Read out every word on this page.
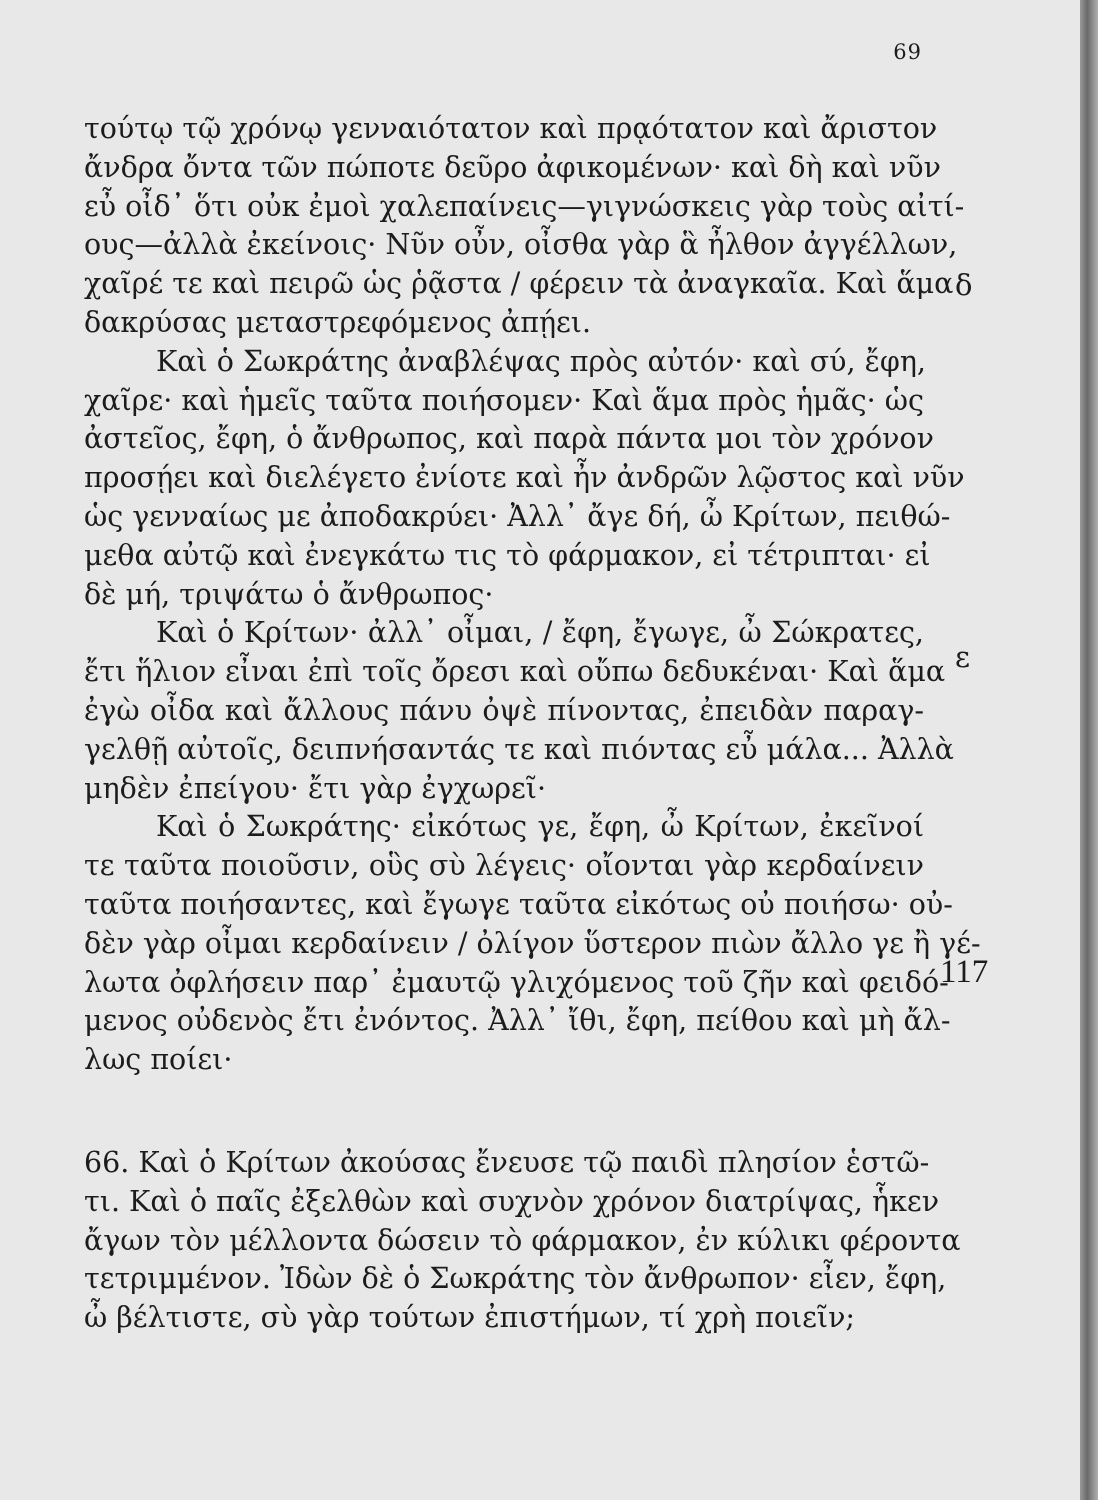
69
δ
ε
117
τούτῳ τῷ χρόνῳ γενναιότατον καὶ πρᾳότατον καὶ ἄριστον
ἄνδρα ὄντα τῶν πώποτε δεῦρο ἀφικομένων· καὶ δὴ καὶ νῦν
εὖ οἶδ᾽ ὅτι οὐκ ἐμοὶ χαλεπαίνεις—γιγνώσκεις γὰρ τοὺς αἰτί-
ους—ἀλλὰ ἐκείνοις· Νῦν οὖν, οἶσθα γὰρ ἃ ἦλθον ἀγγέλλων,
χαῖρέ τε καὶ πειρῶ ὡς ῥᾷστα / φέρειν τὰ ἀναγκαῖα. Καὶ ἅμα
δακρύσας μεταστρεφόμενος ἀπῄει.
Καὶ ὁ Σωκράτης ἀναβλέψας πρὸς αὐτόν· καὶ σύ, ἔφη,
χαῖρε· καὶ ἡμεῖς ταῦτα ποιήσομεν· Καὶ ἅμα πρὸς ἡμᾶς· ὡς
ἀστεῖος, ἔφη, ὁ ἄνθρωπος, καὶ παρὰ πάντα μοι τὸν χρόνον
προσῄει καὶ διελέγετο ἐνίοτε καὶ ἦν ἀνδρῶν λῷστος καὶ νῦν
ὡς γενναίως με ἀποδακρύει· Ἀλλ᾽ ἄγε δή, ὦ Κρίτων, πειθώ-
μεθα αὐτῷ καὶ ἐνεγκάτω τις τὸ φάρμακον, εἰ τέτριπται· εἰ
δὲ μή, τριψάτω ὁ ἄνθρωπος·
Καὶ ὁ Κρίτων· ἀλλ᾽ οἶμαι, / ἔφη, ἔγωγε, ὦ Σώκρατες,
ἔτι ἥλιον εἶναι ἐπὶ τοῖς ὄρεσι καὶ οὔπω δεδυκέναι· Καὶ ἅμα
ἐγὼ οἶδα καὶ ἄλλους πάνυ ὀψὲ πίνοντας, ἐπειδὰν παραγ-
γελθῇ αὐτοῖς, δειπνήσαντάς τε καὶ πιόντας εὖ μάλα... Ἀλλὰ
μηδὲν ἐπείγου· ἔτι γὰρ ἐγχωρεῖ·
Καὶ ὁ Σωκράτης· εἰκότως γε, ἔφη, ὦ Κρίτων, ἐκεῖνοί
τε ταῦτα ποιοῦσιν, οὓς σὺ λέγεις· οἴονται γὰρ κερδαίνειν
ταῦτα ποιήσαντες, καὶ ἔγωγε ταῦτα εἰκότως οὐ ποιήσω· οὐ-
δὲν γὰρ οἶμαι κερδαίνειν / ὀλίγον ὕστερον πιὼν ἄλλο γε ἢ γέ-
λωτα ὀφλήσειν παρ᾽ ἐμαυτῷ γλιχόμενος τοῦ ζῆν καὶ φειδό-
μενος οὐδενὸς ἔτι ἐνόντος. Ἀλλ᾽ ἴθι, ἔφη, πείθου καὶ μὴ ἄλ-
λως ποίει·
66. Καὶ ὁ Κρίτων ἀκούσας ἔνευσε τῷ παιδὶ πλησίον ἑστῶ-
τι. Καὶ ὁ παῖς ἐξελθὼν καὶ συχνὸν χρόνον διατρίψας, ἧκεν
ἄγων τὸν μέλλοντα δώσειν τὸ φάρμακον, ἐν κύλικι φέροντα
τετριμμένον. Ἰδὼν δὲ ὁ Σωκράτης τὸν ἄνθρωπον· εἶεν, ἔφη,
ὦ βέλτιστε, σὺ γὰρ τούτων ἐπιστήμων, τί χρὴ ποιεῖν;
